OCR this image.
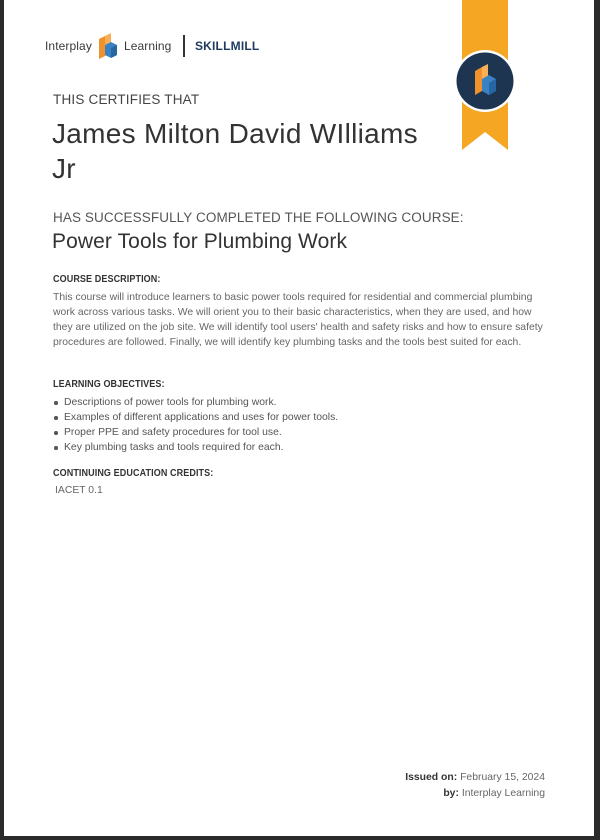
Interplay	Learning SKILLMILL
THIS CERTIFIES THAT
James Milton David WIlliams Jr
HAS SUCCESSFULLY COMPLETED THE FOLLOWING COURSE:
Power Tools for Plumbing Work
COURSE DESCRIPTION:
This course will introduce learners to basic power tools required for residential and commercial plumbing work across various tasks. We will orient you to their basic characteristics, when they are used, and how they are utilized on the job site. We will identify tool users' health and safety risks and how to ensure safety procedures are followed. Finally, we will identify key plumbing tasks and the tools best suited for each.
LEARNING OBJECTIVES:
Descriptions of power tools for plumbing work.
Examples of different applications and uses for power tools.
Proper PPE and safety procedures for tool use.
Key plumbing tasks and tools required for each.
CONTINUING EDUCATION CREDITS:
IACET 0.1
Issued on: February 15, 2024
by: Interplay Learning
